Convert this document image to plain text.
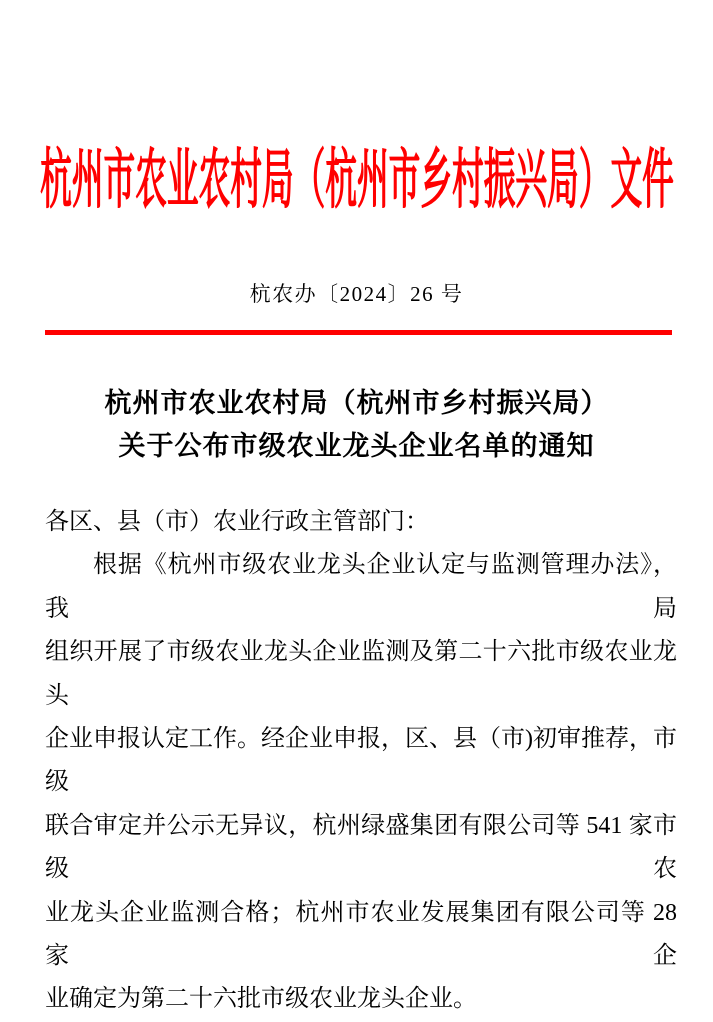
杭州市农业农村局（杭州市乡村振兴局）文件
杭农办〔2024〕26 号
杭州市农业农村局（杭州市乡村振兴局）
关于公布市级农业龙头企业名单的通知
各区、县（市）农业行政主管部门：
根据《杭州市级农业龙头企业认定与监测管理办法》，我局
组织开展了市级农业龙头企业监测及第二十六批市级农业龙头
企业申报认定工作。经企业申报，区、县（市)初审推荐，市级
联合审定并公示无异议，杭州绿盛集团有限公司等 541 家市级农
业龙头企业监测合格；杭州市农业发展集团有限公司等 28 家企
业确定为第二十六批市级农业龙头企业。
